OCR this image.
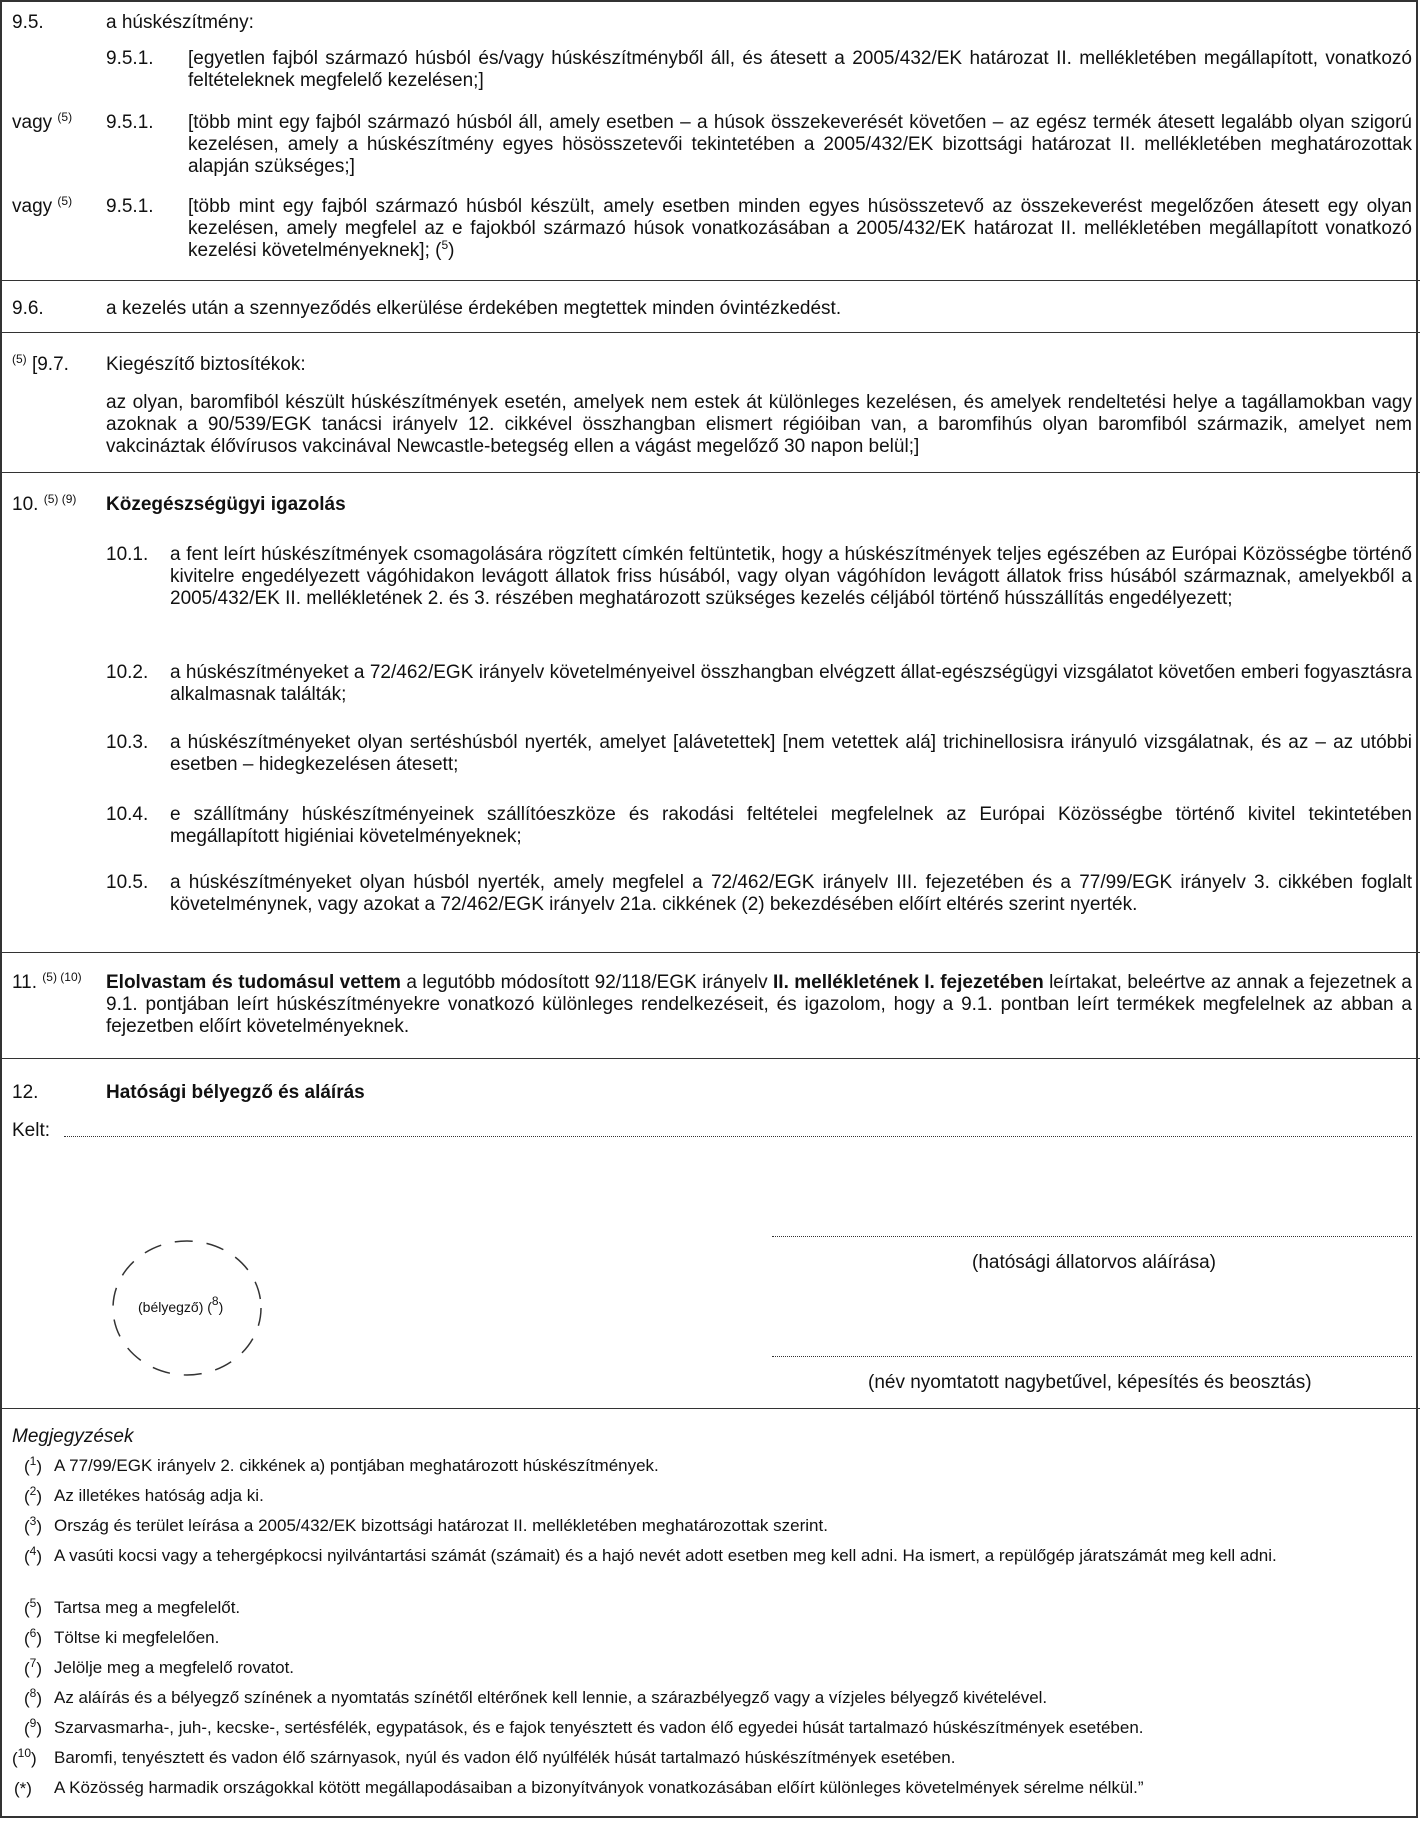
9.5.	a húskészítmény:
9.5.1. [egyetlen fajból származó húsból és/vagy húskészítményből áll, és átesett a 2005/432/EK határozat II. mellékletében megállapított, vonatkozó feltételeknek megfelelő kezelésen;]
vagy $^{(5)}$ 9.5.1. [több mint egy fajból származó húsból áll, amely esetben – a húsok összekeverését követően – az egész termék átesett legalább olyan szigorú kezelésen, amely a húskészítmény egyes hösösszetevői tekintetében a 2005/432/EK bizottsági határozat II. mellékletében meghatározottak alapján szükséges;]
vagy $^{(5)}$ 9.5.1. [több mint egy fajból származó húsból készült, amely esetben minden egyes húsösszetevő az összekeverést megelőzően átesett egy olyan kezelésen, amely megfelel az e fajokból származó húsok vonatkozásában a 2005/432/EK határozat II. mellékletében megállapított vonatkozó kezelési követelményeknek]; ($^5$)
9.6.	a kezelés után a szennyeződés elkerülése érdekében megtettek minden óvintézkedést.
$^{(5)}$ [9.7. Kiegészítő biztosítékok:
az olyan, baromfiból készült húskészítmények esetén, amelyek nem estek át különleges kezelésen, és amelyek rendeltetési helye a tagállamokban vagy azoknak a 90/539/EGK tanácsi irányelv 12. cikkével összhangban elismert régióiban van, a baromfihús olyan baromfiból származik, amelyet nem vakcináztak élővírusos vakcinával Newcastle-betegség ellen a vágást megelőző 30 napon belül;]
10. $^{(5) (9)}$ Közegészségügyi igazolás
10.1. a fent leírt húskészítmények csomagolására rögzített címkén feltüntetik, hogy a húskészítmények teljes egészében az Európai Közösségbe történő kivitelre engedélyezett vágóhidakon levágott állatok friss húsából, vagy olyan vágóhídon levágott állatok friss húsából származnak, amelyekből a 2005/432/EK II. mellékletének 2. és 3. részében meghatározott szükséges kezelés céljából történő hússzállítás engedélyezett;
10.2. a húskészítményeket a 72/462/EGK irányelv követelményeivel összhangban elvégzett állat-egészségügyi vizsgálatot követően emberi fogyasztásra alkalmasnak találták;
10.3. a húskészítményeket olyan sertéshúsból nyerték, amelyet [alávetettek] [nem vetettek alá] trichinellosisra irányuló vizsgálatnak, és az – az utóbbi esetben – hidegkezelésen átesett;
10.4. e szállítmány húskészítményeinek szállítóeszköze és rakodási feltételei megfelelnek az Európai Közösségbe történő kivitel tekintetében megállapított higiéniai követelményeknek;
10.5. a húskészítményeket olyan húsból nyerték, amely megfelel a 72/462/EGK irányelv III. fejezetében és a 77/99/EGK irányelv 3. cikkében foglalt követelménynek, vagy azokat a 72/462/EGK irányelv 21a. cikkének (2) bekezdésében előírt eltérés szerint nyerték.
11. $^{(5) (10)}$ Elolvastam és tudomásul vettem a legutóbb módosított 92/118/EGK irányelv II. mellékletének I. fejezetében leírtakat, beleértve az annak a fejezetnek a 9.1. pontjában leírt húskészítményekre vonatkozó különleges rendelkezéseit, és igazolom, hogy a 9.1. pontban leírt termékek megfelelnek az abban a fejezetben előírt követelményeknek.
12.	Hatósági bélyegző és aláírás
Kelt:
(bélyegző) ($^8$)
(hatósági állatorvos aláírása)
(név nyomtatott nagybetűvel, képesítés és beosztás)
Megjegyzések
($^1$) A 77/99/EGK irányelv 2. cikkének a) pontjában meghatározott húskészítmények.
($^2$) Az illetékes hatóság adja ki.
($^3$) Ország és terület leírása a 2005/432/EK bizottsági határozat II. mellékletében meghatározottak szerint.
($^4$) A vasúti kocsi vagy a tehergépkocsi nyilvántartási számát (számait) és a hajó nevét adott esetben meg kell adni. Ha ismert, a repülőgép járatszámát meg kell adni.
($^5$) Tartsa meg a megfelelőt.
($^6$) Töltse ki megfelelően.
($^7$) Jelölje meg a megfelelő rovatot.
($^8$) Az aláírás és a bélyegző színének a nyomtatás színétől eltérőnek kell lennie, a szárazbélyegző vagy a vízjeles bélyegző kivételével.
($^9$) Szarvasmarha-, juh-, kecske-, sertésfélék, egypatások, és e fajok tenyésztett és vadon élő egyedei húsát tartalmazó húskészítmények esetében.
($^{10}$) Baromfi, tenyésztett és vadon élő szárnyasok, nyúl és vadon élő nyúlfélék húsát tartalmazó húskészítmények esetében.
(*) A Közösség harmadik országokkal kötött megállapodásaiban a bizonyítványok vonatkozásában előírt különleges követelmények sérelme nélkül.”
